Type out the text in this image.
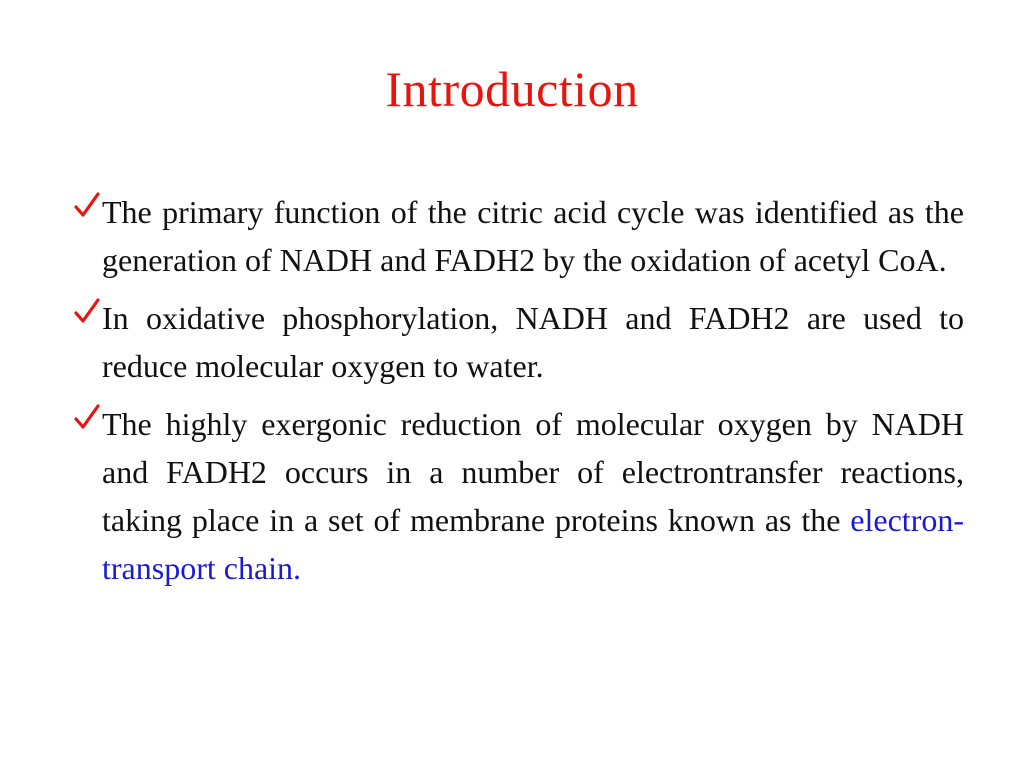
Introduction
The primary function of the citric acid cycle was identified as the generation of NADH and FADH2 by the oxidation of acetyl CoA.
In oxidative phosphorylation, NADH and FADH2 are used to reduce molecular oxygen to water.
The highly exergonic reduction of molecular oxygen by NADH and FADH2 occurs in a number of electrontransfer reactions, taking place in a set of membrane proteins known as the electron-transport chain.
